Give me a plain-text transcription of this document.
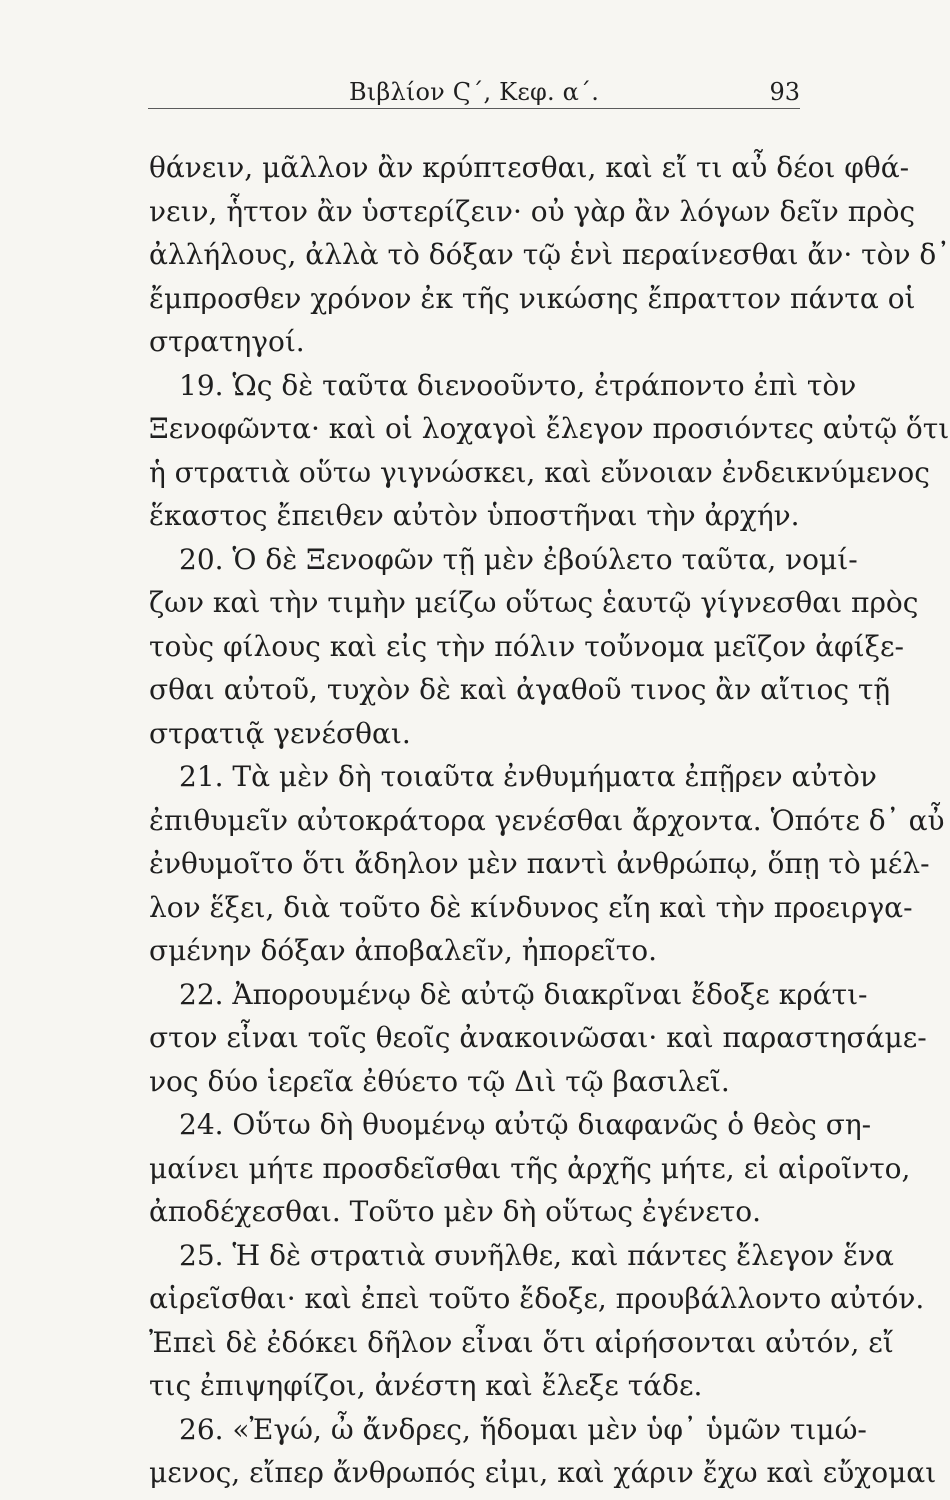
Βιβλίον Ϛ΄, Κεφ. α΄.	93
θάνειν, μᾶλλον ἂν κρύπτεσθαι, καὶ εἴ τι αὖ δέοι φθά-
νειν, ἧττον ἂν ὑστερίζειν· οὐ γὰρ ἂν λόγων δεῖν πρὸς
ἀλλήλους, ἀλλὰ τὸ δόξαν τῷ ἑνὶ περαίνεσθαι ἄν· τὸν δ᾽
ἔμπροσθεν χρόνον ἐκ τῆς νικώσης ἔπραττον πάντα οἱ
στρατηγοί.
19. Ὡς δὲ ταῦτα διενοοῦντο, ἐτράποντο ἐπὶ τὸν
Ξενοφῶντα· καὶ οἱ λοχαγοὶ ἔλεγον προσιόντες αὐτῷ ὅτι
ἡ στρατιὰ οὕτω γιγνώσκει, καὶ εὔνοιαν ἐνδεικνύμενος
ἕκαστος ἔπειθεν αὐτὸν ὑποστῆναι τὴν ἀρχήν.
20. Ὁ δὲ Ξενοφῶν τῇ μὲν ἐβούλετο ταῦτα, νομί-
ζων καὶ τὴν τιμὴν μείζω οὕτως ἑαυτῷ γίγνεσθαι πρὸς
τοὺς φίλους καὶ εἰς τὴν πόλιν τοὔνομα μεῖζον ἀφίξε-
σθαι αὐτοῦ, τυχὸν δὲ καὶ ἀγαθοῦ τινος ἂν αἴτιος τῇ
στρατιᾷ γενέσθαι.
21. Τὰ μὲν δὴ τοιαῦτα ἐνθυμήματα ἐπῇρεν αὐτὸν
ἐπιθυμεῖν αὐτοκράτορα γενέσθαι ἄρχοντα. Ὁπότε δ᾽ αὖ
ἐνθυμοῖτο ὅτι ἄδηλον μὲν παντὶ ἀνθρώπῳ, ὅπῃ τὸ μέλ-
λον ἕξει, διὰ τοῦτο δὲ κίνδυνος εἴη καὶ τὴν προειργα-
σμένην δόξαν ἀποβαλεῖν, ἠπορεῖτο.
22. Ἀπορουμένῳ δὲ αὐτῷ διακρῖναι ἔδοξε κράτι-
στον εἶναι τοῖς θεοῖς ἀνακοινῶσαι· καὶ παραστησάμε-
νος δύο ἱερεῖα ἐθύετο τῷ Διὶ τῷ βασιλεῖ.
24. Οὕτω δὴ θυομένῳ αὐτῷ διαφανῶς ὁ θεὸς ση-
μαίνει μήτε προσδεῖσθαι τῆς ἀρχῆς μήτε, εἰ αἱροῖντο,
ἀποδέχεσθαι. Τοῦτο μὲν δὴ οὕτως ἐγένετο.
25. Ἡ δὲ στρατιὰ συνῆλθε, καὶ πάντες ἔλεγον ἕνα
αἱρεῖσθαι· καὶ ἐπεὶ τοῦτο ἔδοξε, προυβάλλοντο αὐτόν.
Ἐπεὶ δὲ ἐδόκει δῆλον εἶναι ὅτι αἱρήσονται αὐτόν, εἴ
τις ἐπιψηφίζοι, ἀνέστη καὶ ἔλεξε τάδε.
26. «Ἐγώ, ὦ ἄνδρες, ἥδομαι μὲν ὑφ᾽ ὑμῶν τιμώ-
μενος, εἴπερ ἄνθρωπός εἰμι, καὶ χάριν ἔχω καὶ εὔχομαι
